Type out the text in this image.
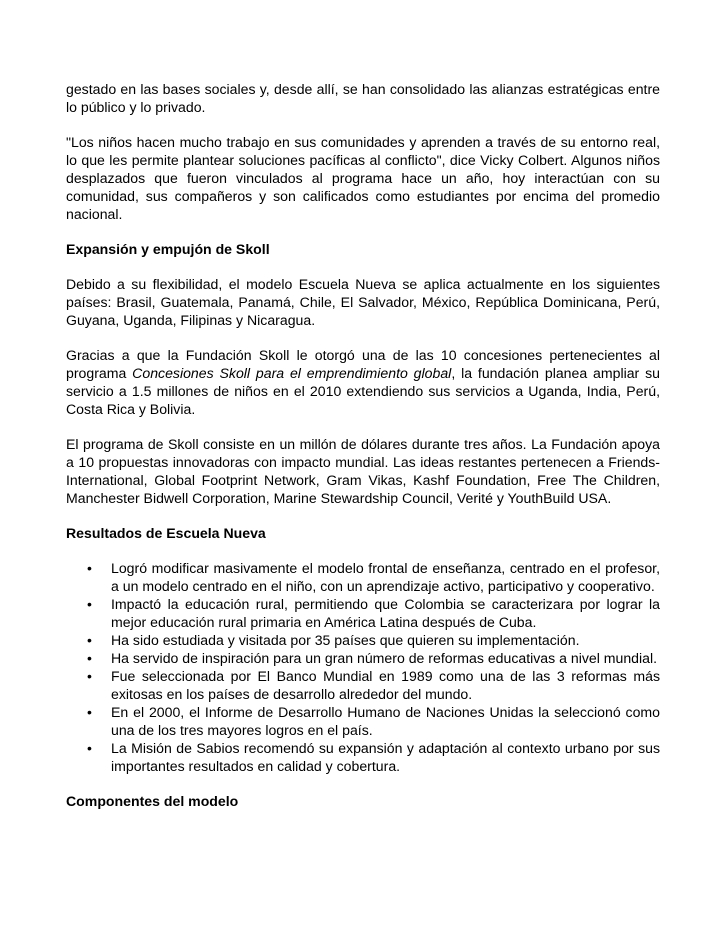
gestado en las bases sociales y, desde allí, se han consolidado las alianzas estratégicas entre lo público y lo privado.

"Los niños hacen mucho trabajo en sus comunidades y aprenden a través de su entorno real, lo que les permite plantear soluciones pacíficas al conflicto", dice Vicky Colbert. Algunos niños desplazados que fueron vinculados al programa hace un año, hoy interactúan con su comunidad, sus compañeros y son calificados como estudiantes por encima del promedio nacional.

Expansión y empujón de Skoll

Debido a su flexibilidad, el modelo Escuela Nueva se aplica actualmente en los siguientes países: Brasil, Guatemala, Panamá, Chile, El Salvador, México, República Dominicana, Perú, Guyana, Uganda, Filipinas y Nicaragua.

Gracias a que la Fundación Skoll le otorgó una de las 10 concesiones pertenecientes al programa Concesiones Skoll para el emprendimiento global, la fundación planea ampliar su servicio a 1.5 millones de niños en el 2010 extendiendo sus servicios a Uganda, India, Perú, Costa Rica y Bolivia.

El programa de Skoll consiste en un millón de dólares durante tres años. La Fundación apoya a 10 propuestas innovadoras con impacto mundial. Las ideas restantes pertenecen a Friends-International, Global Footprint Network, Gram Vikas, Kashf Foundation, Free The Children, Manchester Bidwell Corporation, Marine Stewardship Council, Verité y YouthBuild USA.

Resultados de Escuela Nueva
• Logró modificar masivamente el modelo frontal de enseñanza, centrado en el profesor, a un modelo centrado en el niño, con un aprendizaje activo, participativo y cooperativo.
• Impactó la educación rural, permitiendo que Colombia se caracterizara por lograr la mejor educación rural primaria en América Latina después de Cuba.
• Ha sido estudiada y visitada por 35 países que quieren su implementación.
• Ha servido de inspiración para un gran número de reformas educativas a nivel mundial.
• Fue seleccionada por El Banco Mundial en 1989 como una de las 3 reformas más exitosas en los países de desarrollo alrededor del mundo.
• En el 2000, el Informe de Desarrollo Humano de Naciones Unidas la seleccionó como una de los tres mayores logros en el país.
• La Misión de Sabios recomendó su expansión y adaptación al contexto urbano por sus importantes resultados en calidad y cobertura.
Componentes del modelo
